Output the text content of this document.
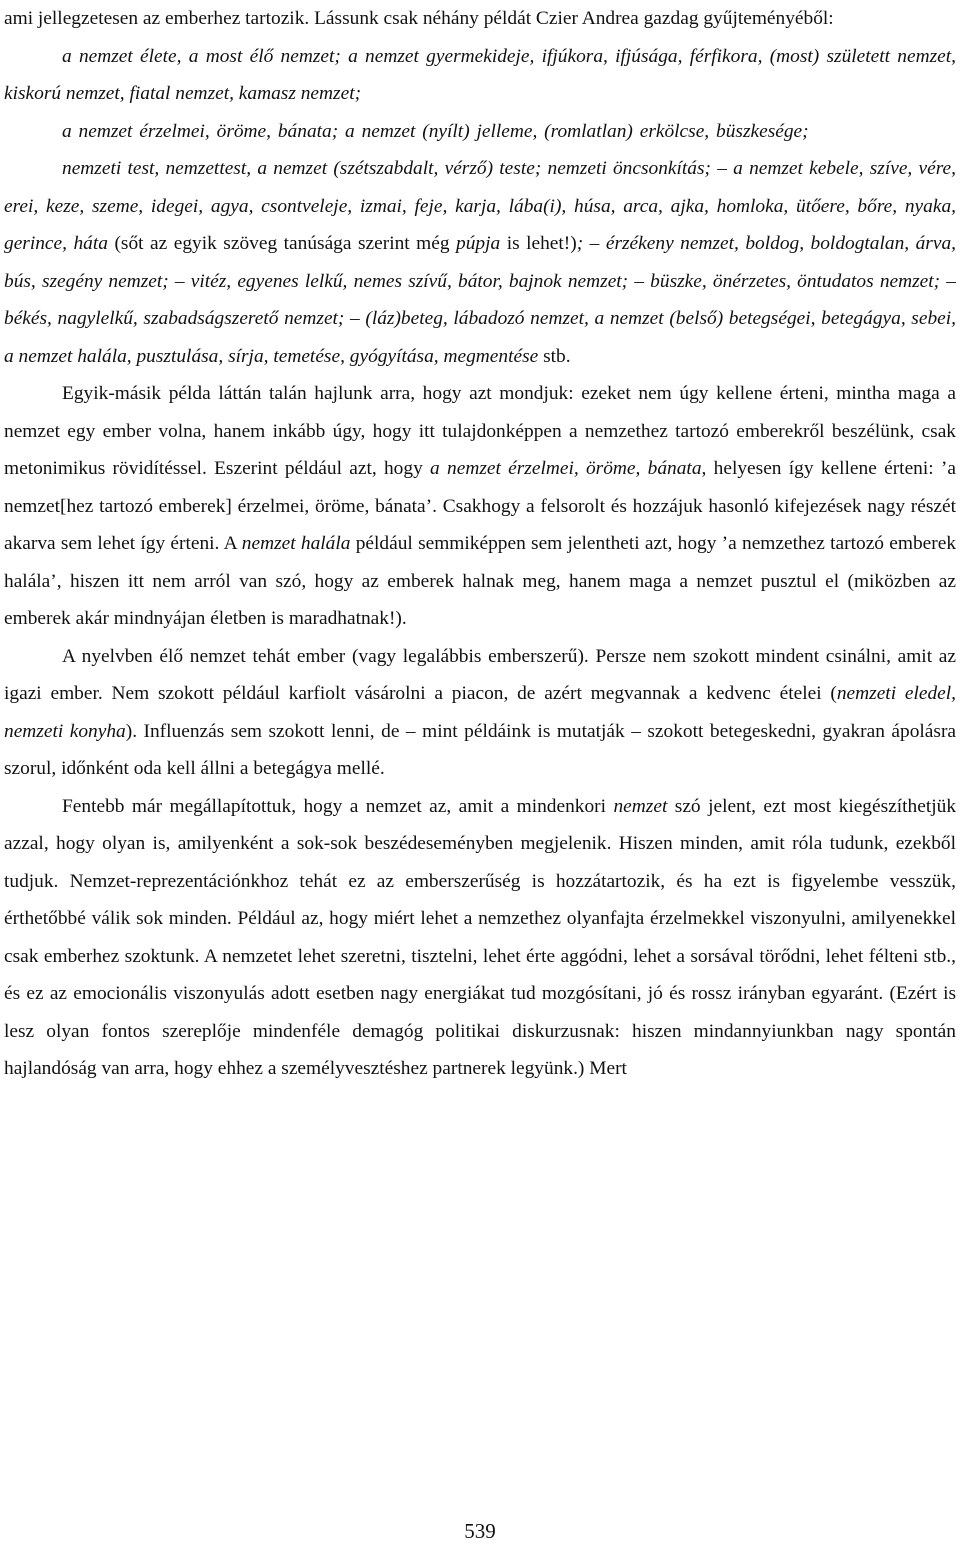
ami jellegzetesen az emberhez tartozik. Lássunk csak néhány példát Czier Andrea gazdag gyűjteményéből:

a nemzet élete, a most élő nemzet; a nemzet gyermekideje, ifjúkora, ifjúsága, férfikora, (most) született nemzet, kiskorú nemzet, fiatal nemzet, kamasz nemzet;

a nemzet érzelmei, öröme, bánata; a nemzet (nyílt) jelleme, (romlatlan) erkölcse, büszkesége;

nemzeti test, nemzettest, a nemzet (szétszabdalt, vérző) teste; nemzeti öncsonkítás; – a nemzet kebele, szíve, vére, erei, keze, szeme, idegei, agya, csontveleje, izmai, feje, karja, lába(i), húsa, arca, ajka, homloka, ütőere, bőre, nyaka, gerince, háta (sőt az egyik szöveg tanúsága szerint még púpja is lehet!); – érzékeny nemzet, boldog, boldogtalan, árva, bús, szegény nemzet; – vitéz, egyenes lelkű, nemes szívű, bátor, bajnok nemzet; – büszke, önérzetes, öntudatos nemzet; – békés, nagylelkű, szabadságszerető nemzet; – (láz)beteg, lábadozó nemzet, a nemzet (belső) betegségei, betegágya, sebei, a nemzet halála, pusztulása, sírja, temetése, gyógyítása, megmentése stb.

Egyik-másik példa láttán talán hajlunk arra, hogy azt mondjuk: ezeket nem úgy kellene érteni, mintha maga a nemzet egy ember volna, hanem inkább úgy, hogy itt tulajdonképpen a nemzethez tartozó emberekről beszélünk, csak metonimikus rövidítéssel. Eszerint például azt, hogy a nemzet érzelmei, öröme, bánata, helyesen így kellene érteni: ’a nemzet[hez tartozó emberek] érzelmei, öröme, bánata’. Csakhogy a felsorolt és hozzájuk hasonló kifejezések nagy részét akarva sem lehet így érteni. A nemzet halála például semmiképpen sem jelentheti azt, hogy ’a nemzethez tartozó emberek halála’, hiszen itt nem arról van szó, hogy az emberek halnak meg, hanem maga a nemzet pusztul el (miközben az emberek akár mindnyájan életben is maradhatnak!).

A nyelvben élő nemzet tehát ember (vagy legalábbis emberszerű). Persze nem szokott mindent csinálni, amit az igazi ember. Nem szokott például karfiolt vásárolni a piacon, de azért megvannak a kedvenc ételei (nemzeti eledel, nemzeti konyha). Influenzás sem szokott lenni, de – mint példáink is mutatják – szokott betegeskedni, gyakran ápolásra szorul, időnként oda kell állni a betegágya mellé.

Fentebb már megállapítottuk, hogy a nemzet az, amit a mindenkori nemzet szó jelent, ezt most kiegészíthetjük azzal, hogy olyan is, amilyenként a sok-sok beszédeseményben megjelenik. Hiszen minden, amit róla tudunk, ezekből tudjuk. Nemzet-reprezentációnkhoz tehát ez az emberszerűség is hozzátartozik, és ha ezt is figyelembe vesszük, érthetőbbé válik sok minden. Például az, hogy miért lehet a nemzethez olyanfajta érzelmekkel viszonyulni, amilyenekkel csak emberhez szoktunk. A nemzetet lehet szeretni, tisztelni, lehet érte aggódni, lehet a sorsával törődni, lehet félteni stb., és ez az emocionális viszonyulás adott esetben nagy energiákat tud mozgósítani, jó és rossz irányban egyaránt. (Ezért is lesz olyan fontos szereplője mindenféle demagóg politikai diskurzusnak: hiszen mindannyiunkban nagy spontán hajlandóság van arra, hogy ehhez a személyvesztéshez partnerek legyünk.) Mert

539
